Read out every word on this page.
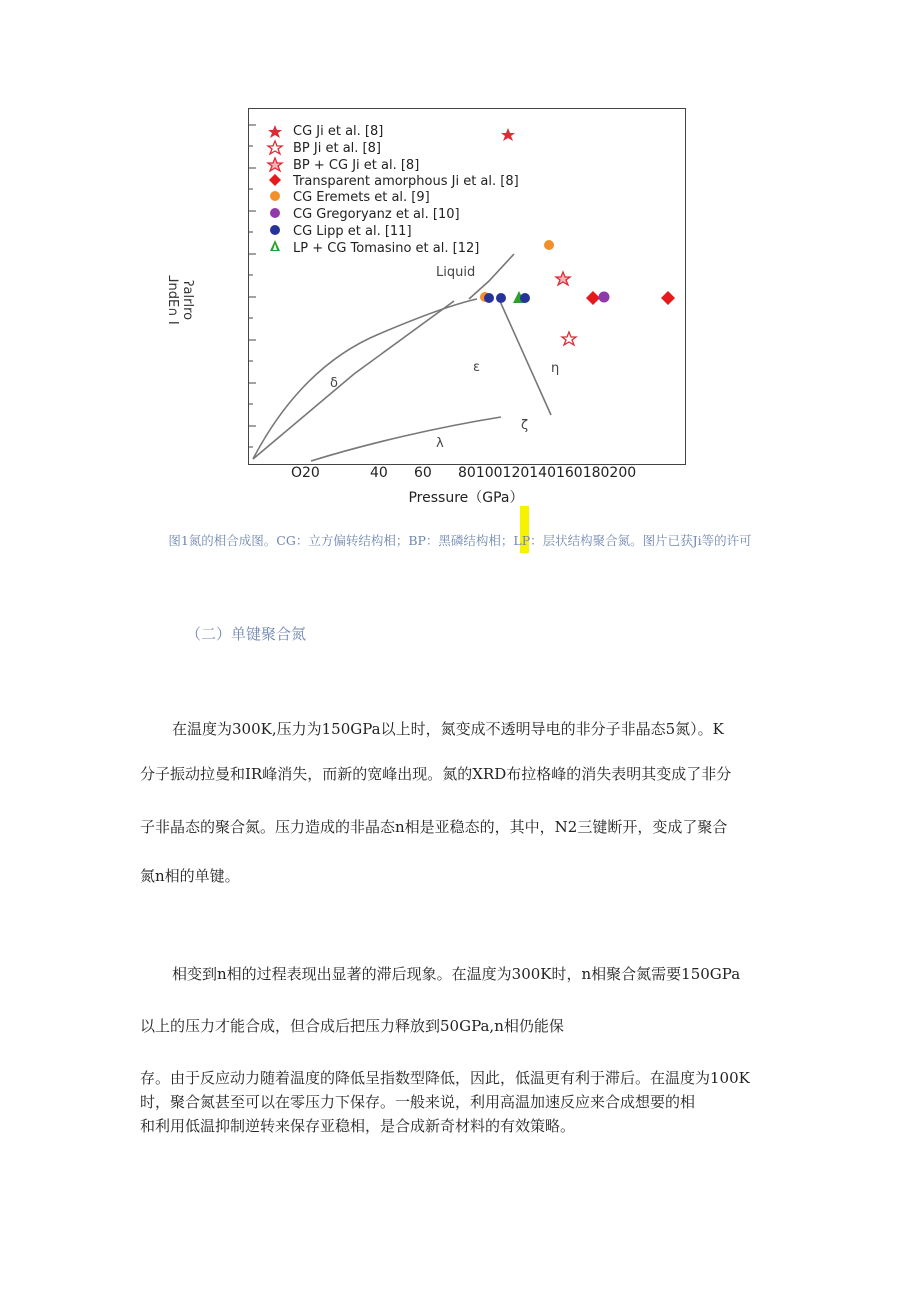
Liquid
δ
ε	η
ζ
λ
CG Ji et al. [8]
BP Ji et al. [8]
BP + CG Ji et al. [8]
Transparent amorphous Ji et al. [8]
CG Eremets et al. [9]
CG Gregoryanz et al. [10]
CG Lipp et al. [11]
LP + CG Tomasino et al. [12]
ʔalrlro ⅃ndE∩ I
O20	40 60 80100120140160180200
Pressure（GPa）
图1氮的相合成图。CG：立方偏转结构相；BP：黑磷结构相；LP：层状结构聚合氮。图片已获Ji等的许可
（二）单键聚合氮
在温度为300K,压力为150GPa以上时，氮变成不透明导电的非分子非晶态5氮）。K
分子振动拉曼和IR峰消失，而新的宽峰出现。氮的XRD布拉格峰的消失表明其变成了非分
子非晶态的聚合氮。压力造成的非晶态n相是亚稳态的，其中，N2三键断开，变成了聚合
氮n相的单键。
相变到n相的过程表现出显著的滞后现象。在温度为300K时，n相聚合氮需要150GPa
以上的压力才能合成，但合成后把压力释放到50GPa,n相仍能保
存。由于反应动力随着温度的降低呈指数型降低，因此，低温更有利于滞后。在温度为100K
时，聚合氮甚至可以在零压力下保存。一般来说，利用高温加速反应来合成想要的相
和利用低温抑制逆转来保存亚稳相，是合成新奇材料的有效策略。
